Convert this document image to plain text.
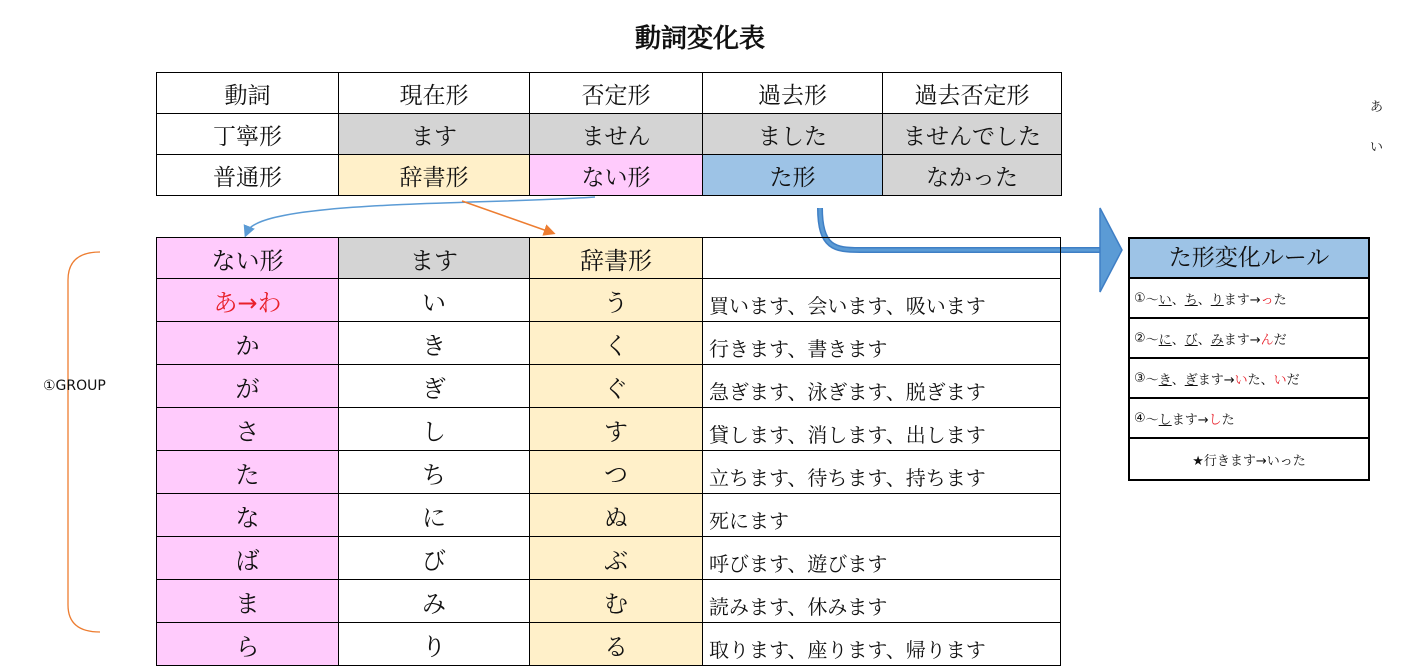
動詞変化表
動詞	現在形	否定形	過去形	過去否定形
丁寧形	ます	ません	ました	ませんでした
普通形	辞書形	ない形	た形	なかった
①GROUP
あ
い
ない形	ます	辞書形	
あ→わ	い	う	買います、会います、吸います
か	き	く	行きます、書きます
が	ぎ	ぐ	急ぎます、泳ぎます、脱ぎます
さ	し	す	貸します、消します、出します
た	ち	つ	立ちます、待ちます、持ちます
な	に	ぬ	死にます
ば	び	ぶ	呼びます、遊びます
ま	み	む	読みます、休みます
ら	り	る	取ります、座ります、帰ります
た形変化ルール
① ～ い 、 ち 、 り ます→ っ た
② ～ に 、 び 、 み ます→ ん だ
③ ～ き 、 ぎ ます→ い た、 い だ
④ ～ し ます→ し た
★行きます→いった
